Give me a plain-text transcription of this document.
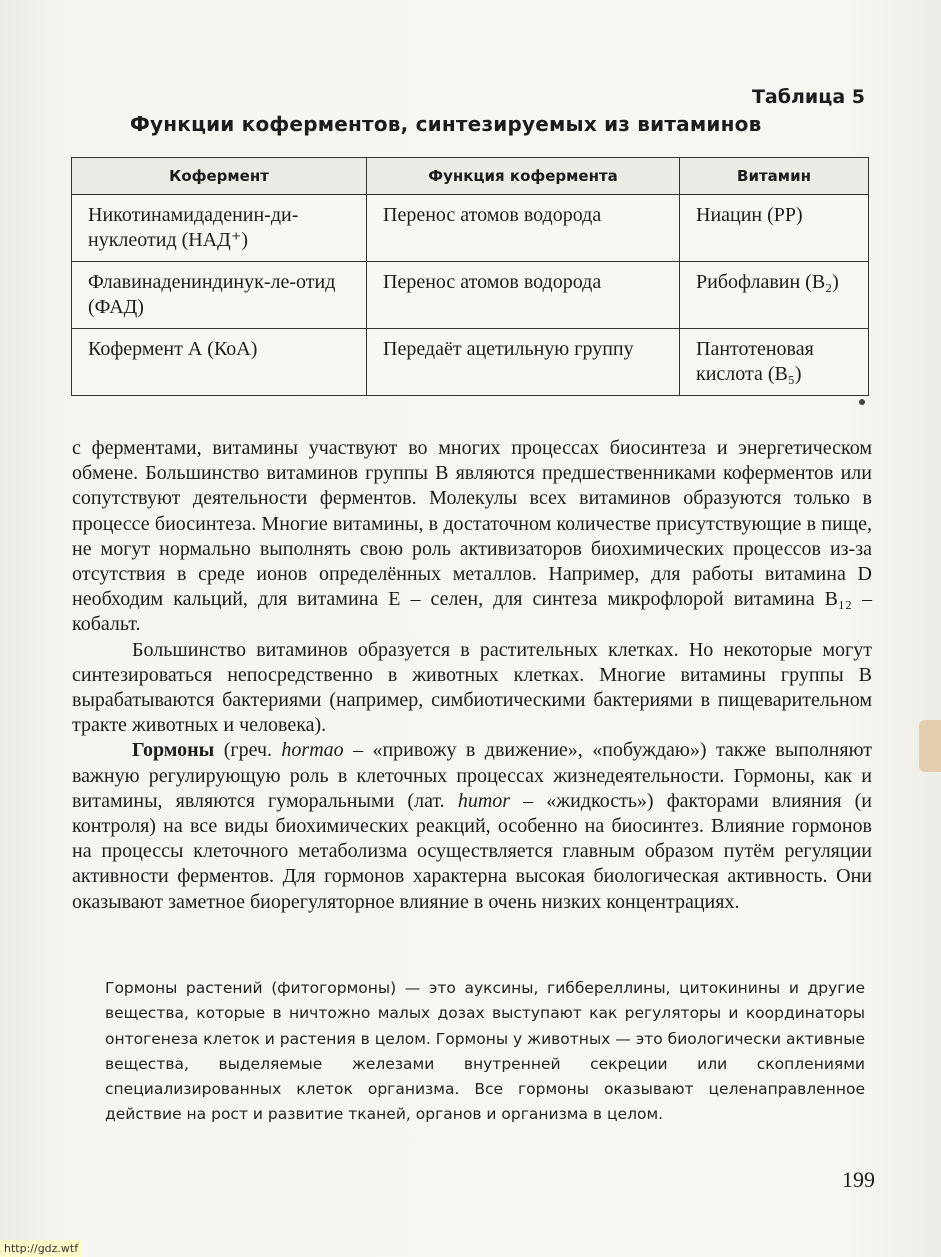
Таблица 5
Функции коферментов, синтезируемых из витаминов
Кофермент	Функция кофермента	Витамин
Никотинамидаденин-ди-нуклеотид (НАД⁺)	Перенос атомов водорода	Ниацин (РР)
Флавинадениндинук-ле-отид (ФАД)	Перенос атомов водорода	Рибофлавин (B₂)
Кофермент А (КоА)	Передаёт ацетильную группу	Пантотеновая кислота (B₅)

с ферментами, витамины участвуют во многих процессах биосинтеза и энергетическом обмене. Большинство витаминов группы В являются предшественниками коферментов или сопутствуют деятельности ферментов. Молекулы всех витаминов образуются только в процессе биосинтеза. Многие витамины, в достаточном количестве присутствующие в пище, не могут нормально выполнять свою роль активизаторов биохимических процессов из-за отсутствия в среде ионов определённых металлов. Например, для работы витамина D необходим кальций, для витамина Е – селен, для синтеза микрофлорой витамина B₁₂ – кобальт.

Большинство витаминов образуется в растительных клетках. Но некоторые могут синтезироваться непосредственно в животных клетках. Многие витамины группы В вырабатываются бактериями (например, симбиотическими бактериями в пищеварительном тракте животных и человека).

Гормоны (греч. hormao – «привожу в движение», «побуждаю») также выполняют важную регулирующую роль в клеточных процессах жизнедеятельности. Гормоны, как и витамины, являются гуморальными (лат. humor – «жидкость») факторами влияния (и контроля) на все виды биохимических реакций, особенно на биосинтез. Влияние гормонов на процессы клеточного метаболизма осуществляется главным образом путём регуляции активности ферментов. Для гормонов характерна высокая биологическая активность. Они оказывают заметное биорегуляторное влияние в очень низких концентрациях.

Гормоны растений (фитогормоны) — это ауксины, гиббереллины, цитокинины и другие вещества, которые в ничтожно малых дозах выступают как регуляторы и координаторы онтогенеза клеток и растения в целом. Гормоны у животных — это биологически активные вещества, выделяемые железами внутренней секреции или скоплениями специализированных клеток организма. Все гормоны оказывают целенаправленное действие на рост и развитие тканей, органов и организма в целом.
199
http://gdz.wtf
